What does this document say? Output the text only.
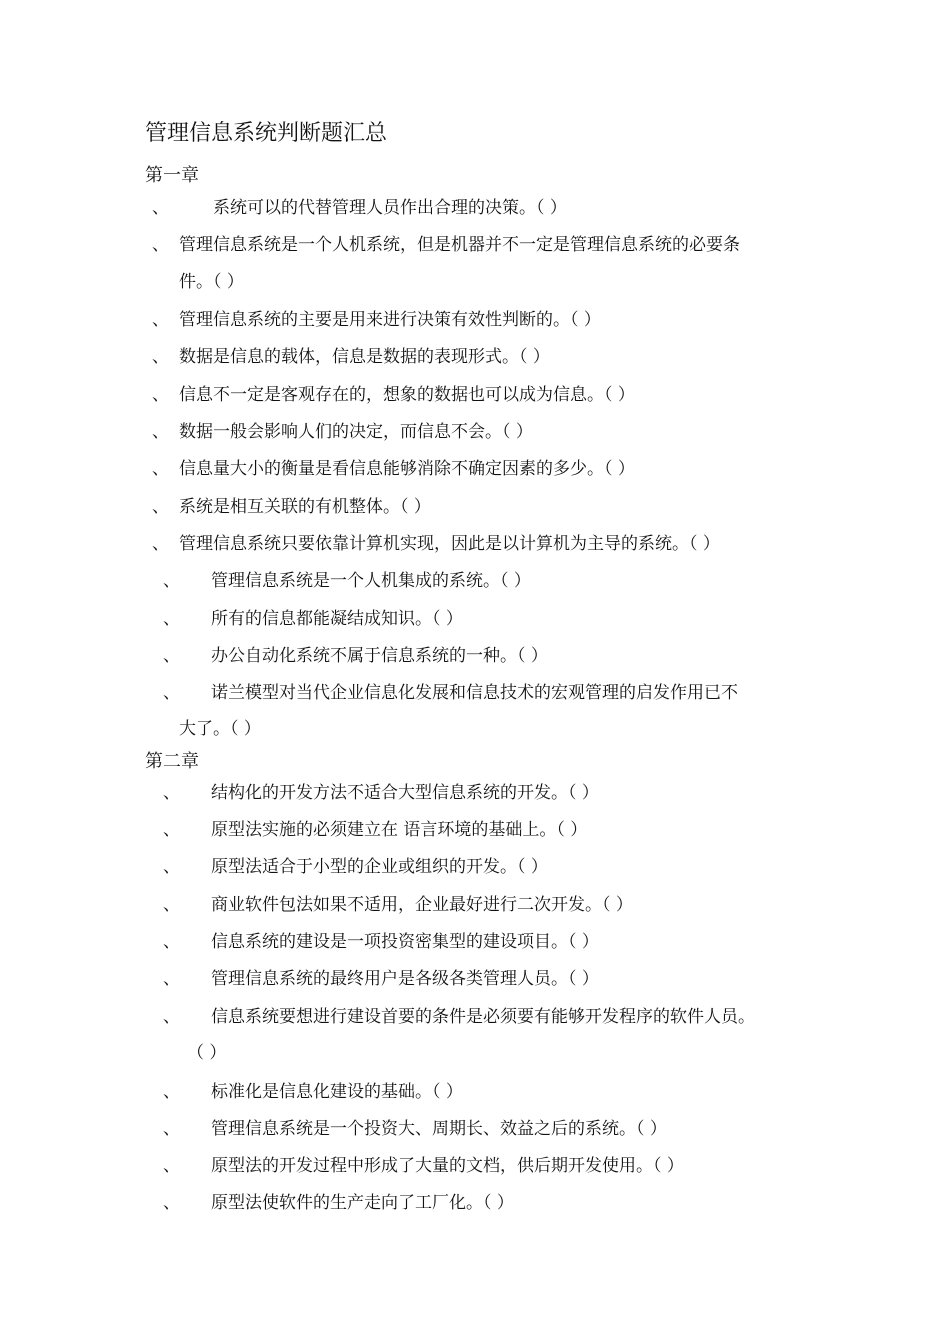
管理信息系统判断题汇总
第一章
、	系统可以的代替管理人员作出合理的决策。（ ）
、 管理信息系统是一个人机系统，但是机器并不一定是管理信息系统的必要条
件。（ ）
、 管理信息系统的主要是用来进行决策有效性判断的。（ ）
、 数据是信息的载体，信息是数据的表现形式。（ ）
、 信息不一定是客观存在的，想象的数据也可以成为信息。（ ）
、 数据一般会影响人们的决定，而信息不会。（ ）
、 信息量大小的衡量是看信息能够消除不确定因素的多少。（ ）
、 系统是相互关联的有机整体。（ ）
、 管理信息系统只要依靠计算机实现，因此是以计算机为主导的系统。（ ）
、 管理信息系统是一个人机集成的系统。（ ）
、 所有的信息都能凝结成知识。（ ）
、 办公自动化系统不属于信息系统的一种。（ ）
、 诺兰模型对当代企业信息化发展和信息技术的宏观管理的启发作用已不
大了。（ ）
第二章
、 结构化的开发方法不适合大型信息系统的开发。（ ）
、 原型法实施的必须建立在 语言环境的基础上。（ ）
、 原型法适合于小型的企业或组织的开发。（ ）
、 商业软件包法如果不适用，企业最好进行二次开发。（ ）
、 信息系统的建设是一项投资密集型的建设项目。（ ）
、 管理信息系统的最终用户是各级各类管理人员。（ ）
、 信息系统要想进行建设首要的条件是必须要有能够开发程序的软件人员。
（ ）
、 标准化是信息化建设的基础。（ ）
、 管理信息系统是一个投资大、周期长、效益之后的系统。（ ）
、 原型法的开发过程中形成了大量的文档，供后期开发使用。（ ）
、 原型法使软件的生产走向了工厂化。（ ）
